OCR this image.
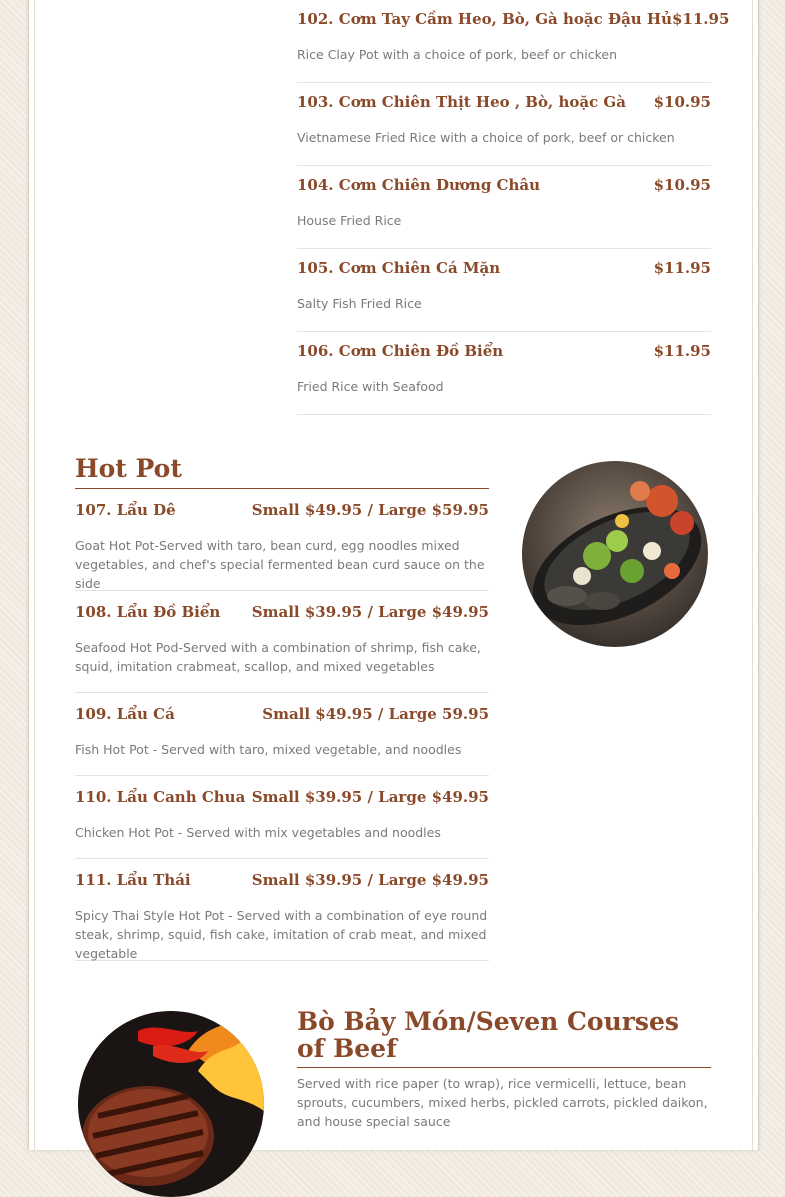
102. Cơm Tay Cầm Heo, Bò, Gà hoặc Đậu Hủ $11.95
Rice Clay Pot with a choice of pork, beef or chicken
103. Cơm Chiên Thịt Heo , Bò, hoặc Gà $10.95
Vietnamese Fried Rice with a choice of pork, beef or chicken
104. Cơm Chiên Dương Châu	$10.95
House Fried Rice
105. Cơm Chiên Cá Mặn	$11.95
Salty Fish Fried Rice
106. Cơm Chiên Đồ Biển	$11.95
Fried Rice with Seafood
Hot Pot
107. Lẩu Dê	Small $49.95 / Large $59.95
Goat Hot Pot-Served with taro, bean curd, egg noodles mixed vegetables, and chef's special fermented bean curd sauce on the side
108. Lẩu Đồ Biển Small $39.95 / Large $49.95
Seafood Hot Pod-Served with a combination of shrimp, fish cake, squid, imitation crabmeat, scallop, and mixed vegetables
109. Lẩu Cá	Small $49.95 / Large 59.95
Fish Hot Pot - Served with taro, mixed vegetable, and noodles
110. Lẩu Canh Chua Small $39.95 / Large $49.95
Chicken Hot Pot - Served with mix vegetables and noodles
111. Lẩu Thái	Small $39.95 / Large $49.95
Spicy Thai Style Hot Pot - Served with a combination of eye round steak, shrimp, squid, fish cake, imitation of crab meat, and mixed vegetable
Bò Bảy Món/Seven Courses of Beef
Served with rice paper (to wrap), rice vermicelli, lettuce, bean sprouts, cucumbers, mixed herbs, pickled carrots, pickled daikon, and house special sauce
